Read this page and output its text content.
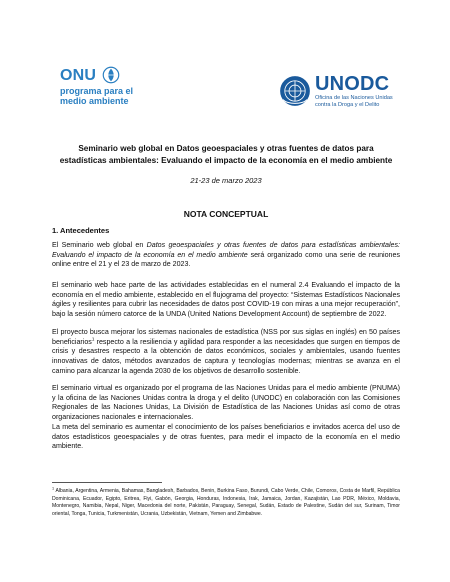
ONU
programa para el
medio ambiente
UNODC
Oficina de las Naciones Unidas
contra la Droga y el Delito

Seminario web global en Datos geoespaciales y otras fuentes de datos para estadísticas ambientales: Evaluando el impacto de la economía en el medio ambiente

21-23 de marzo 2023

NOTA CONCEPTUAL

1. Antecedentes

El Seminario web global en Datos geoespaciales y otras fuentes de datos para estadísticas ambientales: Evaluando el impacto de la economía en el medio ambiente será organizado como una serie de reuniones online entre el 21 y el 23 de marzo de 2023.

El seminario web hace parte de las actividades establecidas en el numeral 2.4 Evaluando el impacto de la economía en el medio ambiente, establecido en el flujograma del proyecto: “Sistemas Estadísticos Nacionales ágiles y resilientes para cubrir las necesidades de datos post COVID-19 con miras a una mejor recuperación”, bajo la sesión número catorce de la UNDA (United Nations Development Account) de septiembre de 2022.

El proyecto busca mejorar los sistemas nacionales de estadística (NSS por sus siglas en inglés) en 50 países beneficiarios$^1$ respecto a la resiliencia y agilidad para responder a las necesidades que surgen en tiempos de crisis y desastres respecto a la obtención de datos económicos, sociales y ambientales, usando fuentes innovativas de datos, métodos avanzados de captura y tecnologías modernas; mientras se avanza en el camino para alcanzar la agenda 2030 de los objetivos de desarrollo sostenible.

El seminario virtual es organizado por el programa de las Naciones Unidas para el medio ambiente (PNUMA) y la oficina de las Naciones Unidas contra la droga y el delito (UNODC) en colaboración con las Comisiones Regionales de las Naciones Unidas, La División de Estadística de las Naciones Unidas así como de otras organizaciones nacionales e internacionales.

La meta del seminario es aumentar el conocimiento de los países beneficiarios e invitados acerca del uso de datos estadísticos geoespaciales y de otras fuentes, para medir el impacto de la economía en el medio ambiente.

$^1$ Albania, Argentina, Armenia, Bahamas, Bangladesh, Barbados, Benin, Burkina Faso, Burundi, Cabo Verde, Chile, Comoros, Costa de Marfil, República Dominicana, Ecuador, Egipto, Eritrea, Fiyi, Gabón, Georgia, Honduras, Indonesia, Irak, Jamaica, Jordan, Kazajistán, Lao PDR, México, Moldavia, Montenegro, Namibia, Nepal, Niger, Macedonia del norte, Pakistán, Paraguay, Senegal, Sudán, Estado de Palestine, Sudán del sur, Surinam, Timor oriental, Tonga, Tunicia, Turkmenistán, Ucrania, Uzbekistán, Vietnam, Yemen and Zimbabwe.
